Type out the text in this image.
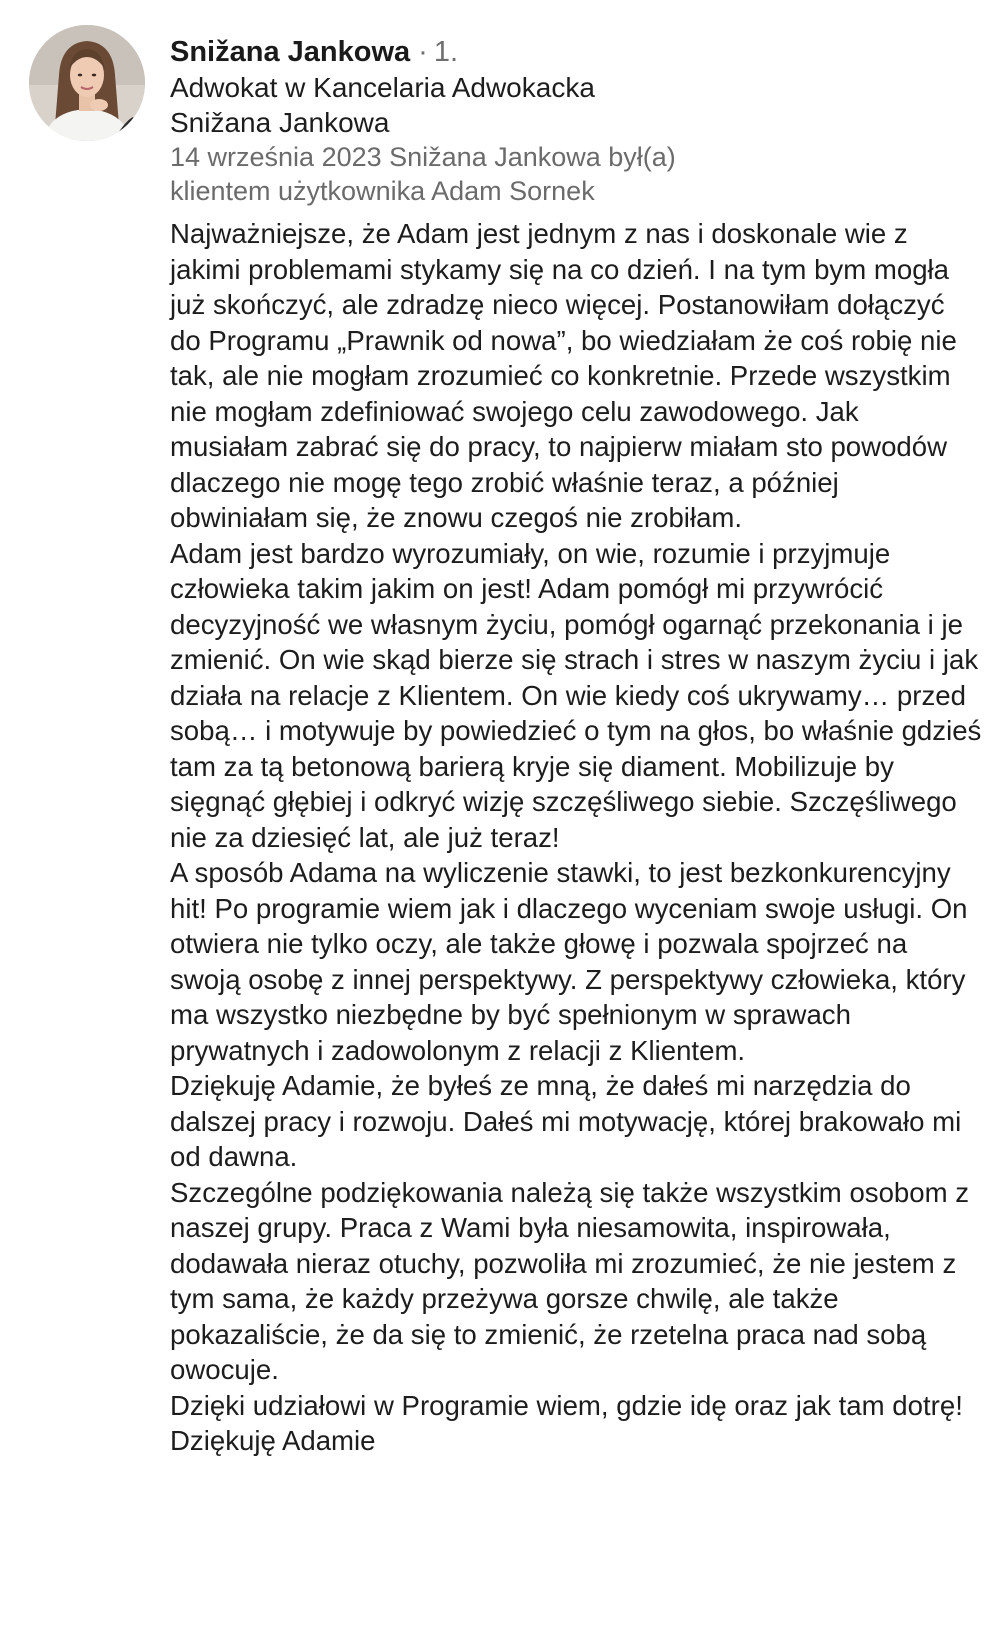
Snižana Jankowa · 1.
Adwokat w Kancelaria Adwokacka
Snižana Jankowa
14 września 2023 Snižana Jankowa był(a)
klientem użytkownika Adam Sornek

Najważniejsze, że Adam jest jednym z nas i doskonale wie z jakimi problemami stykamy się na co dzień. I na tym bym mogła już skończyć, ale zdradzę nieco więcej. Postanowiłam dołączyć do Programu „Prawnik od nowa”, bo wiedziałam że coś robię nie tak, ale nie mogłam zrozumieć co konkretnie. Przede wszystkim nie mogłam zdefiniować swojego celu zawodowego. Jak musiałam zabrać się do pracy, to najpierw miałam sto powodów dlaczego nie mogę tego zrobić właśnie teraz, a później obwiniałam się, że znowu czegoś nie zrobiłam.

Adam jest bardzo wyrozumiały, on wie, rozumie i przyjmuje człowieka takim jakim on jest! Adam pomógł mi przywrócić decyzyjność we własnym życiu, pomógł ogarnąć przekonania i je zmienić. On wie skąd bierze się strach i stres w naszym życiu i jak działa na relacje z Klientem. On wie kiedy coś ukrywamy… przed sobą… i motywuje by powiedzieć o tym na głos, bo właśnie gdzieś tam za tą betonową barierą kryje się diament. Mobilizuje by sięgnąć głębiej i odkryć wizję szczęśliwego siebie. Szczęśliwego nie za dziesięć lat, ale już teraz!

A sposób Adama na wyliczenie stawki, to jest bezkonkurencyjny hit! Po programie wiem jak i dlaczego wyceniam swoje usługi. On otwiera nie tylko oczy, ale także głowę i pozwala spojrzeć na swoją osobę z innej perspektywy. Z perspektywy człowieka, który ma wszystko niezbędne by być spełnionym w sprawach prywatnych i zadowolonym z relacji z Klientem.

Dziękuję Adamie, że byłeś ze mną, że dałeś mi narzędzia do dalszej pracy i rozwoju. Dałeś mi motywację, której brakowało mi od dawna.

Szczególne podziękowania należą się także wszystkim osobom z naszej grupy. Praca z Wami była niesamowita, inspirowała, dodawała nieraz otuchy, pozwoliła mi zrozumieć, że nie jestem z tym sama, że każdy przeżywa gorsze chwilę, ale także pokazaliście, że da się to zmienić, że rzetelna praca nad sobą owocuje.

Dzięki udziałowi w Programie wiem, gdzie idę oraz jak tam dotrę!

Dziękuję Adamie
